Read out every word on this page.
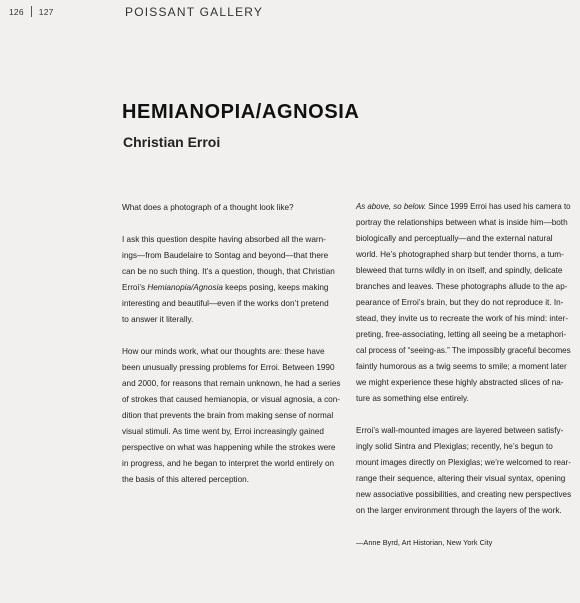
126 127	POISSANT GALLERY
HEMIANOPIA/AGNOSIA
Christian Erroi

What does a photograph of a thought look like?

I ask this question despite having absorbed all the warn-
ings—from Baudelaire to Sontag and beyond—that there
can be no such thing. It’s a question, though, that Christian
Erroi’s Hemianopia/Agnosia keeps posing, keeps making
interesting and beautiful—even if the works don’t pretend
to answer it literally.

How our minds work, what our thoughts are: these have
been unusually pressing problems for Erroi. Between 1990
and 2000, for reasons that remain unknown, he had a series
of strokes that caused hemianopia, or visual agnosia, a con-
dition that prevents the brain from making sense of normal
visual stimuli. As time went by, Erroi increasingly gained
perspective on what was happening while the strokes were
in progress, and he began to interpret the world entirely on
the basis of this altered perception.

As above, so below. Since 1999 Erroi has used his camera to
portray the relationships between what is inside him—both
biologically and perceptually—and the external natural
world. He’s photographed sharp but tender thorns, a tum-
bleweed that turns wildly in on itself, and spindly, delicate
branches and leaves. These photographs allude to the ap-
pearance of Erroi’s brain, but they do not reproduce it. In-
stead, they invite us to recreate the work of his mind: inter-
preting, free-associating, letting all seeing be a metaphori-
cal process of “seeing-as.” The impossibly graceful becomes
faintly humorous as a twig seems to smile; a moment later
we might experience these highly abstracted slices of na-
ture as something else entirely.

Erroi’s wall-mounted images are layered between satisfy-
ingly solid Sintra and Plexiglas; recently, he’s begun to
mount images directly on Plexiglas; we’re welcomed to rear-
range their sequence, altering their visual syntax, opening
new associative possibilities, and creating new perspectives
on the larger environment through the layers of the work.

—Anne Byrd, Art Historian, New York City
